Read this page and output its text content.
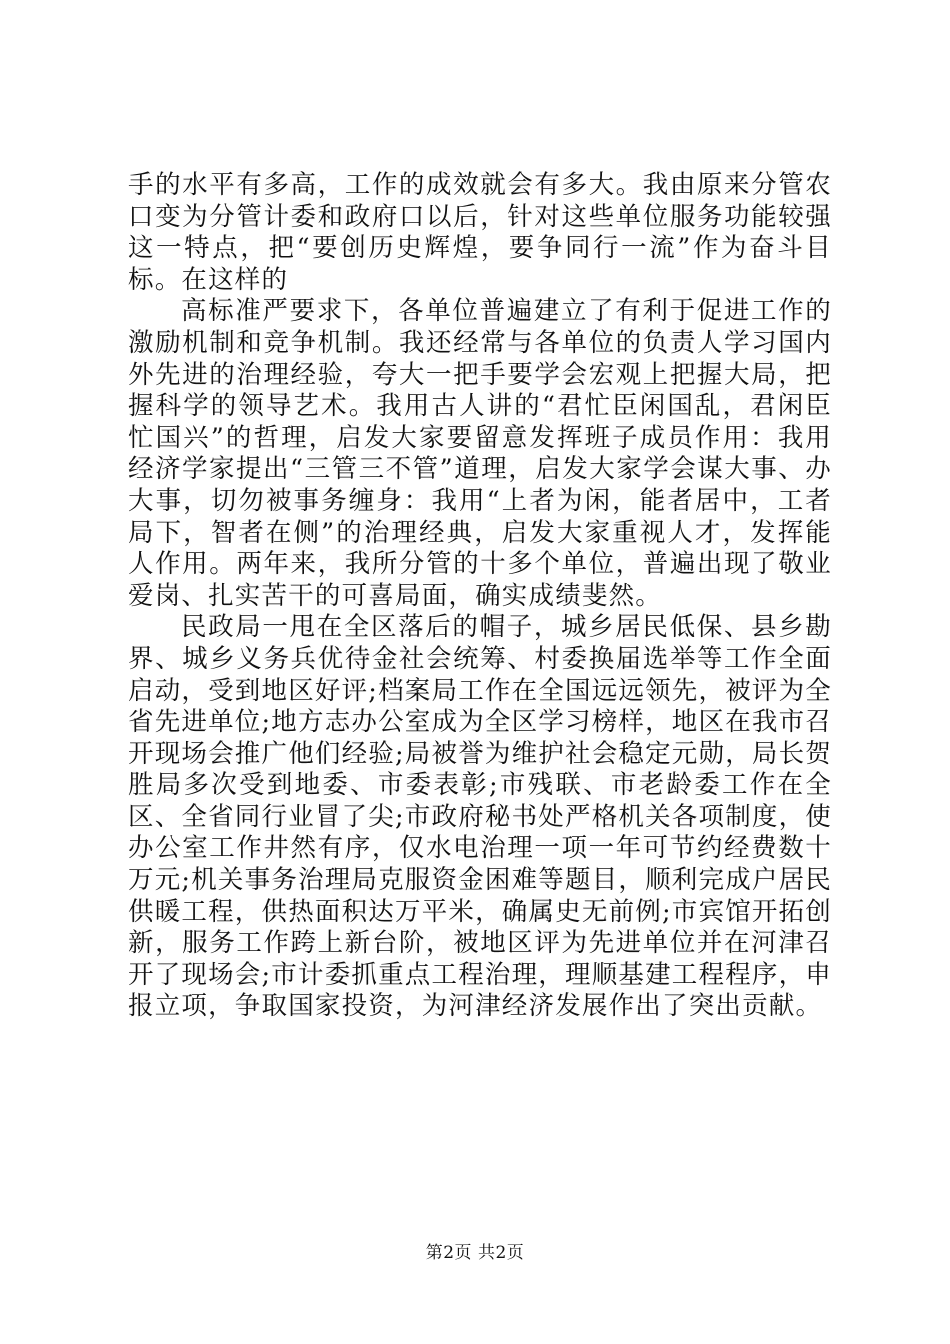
手的水平有多高，工作的成效就会有多大。我由原来分管农口变为分管计委和政府口以后，针对这些单位服务功能较强这一特点，把“要创历史辉煌，要争同行一流”作为奋斗目标。在这样的

高标准严要求下，各单位普遍建立了有利于促进工作的激励机制和竞争机制。我还经常与各单位的负责人学习国内外先进的治理经验，夸大一把手要学会宏观上把握大局，把握科学的领导艺术。我用古人讲的“君忙臣闲国乱，君闲臣忙国兴”的哲理，启发大家要留意发挥班子成员作用：我用经济学家提出“三管三不管”道理，启发大家学会谋大事、办大事，切勿被事务缠身：我用“上者为闲，能者居中，工者局下，智者在侧”的治理经典，启发大家重视人才，发挥能人作用。两年来，我所分管的十多个单位，普遍出现了敬业爱岗、扎实苦干的可喜局面，确实成绩斐然。

民政局一甩在全区落后的帽子，城乡居民低保、县乡勘界、城乡义务兵优待金社会统筹、村委换届选举等工作全面启动，受到地区好评;档案局工作在全国远远领先，被评为全省先进单位;地方志办公室成为全区学习榜样，地区在我市召开现场会推广他们经验;局被誉为维护社会稳定元勋，局长贺胜局多次受到地委、市委表彰;市残联、市老龄委工作在全区、全省同行业冒了尖;市政府秘书处严格机关各项制度，使办公室工作井然有序，仅水电治理一项一年可节约经费数十万元;机关事务治理局克服资金困难等题目，顺利完成户居民供暖工程，供热面积达万平米，确属史无前例;市宾馆开拓创新，服务工作跨上新台阶，被地区评为先进单位并在河津召开了现场会;市计委抓重点工程治理，理顺基建工程程序，申报立项，争取国家投资，为河津经济发展作出了突出贡献。

第2页 共2页
